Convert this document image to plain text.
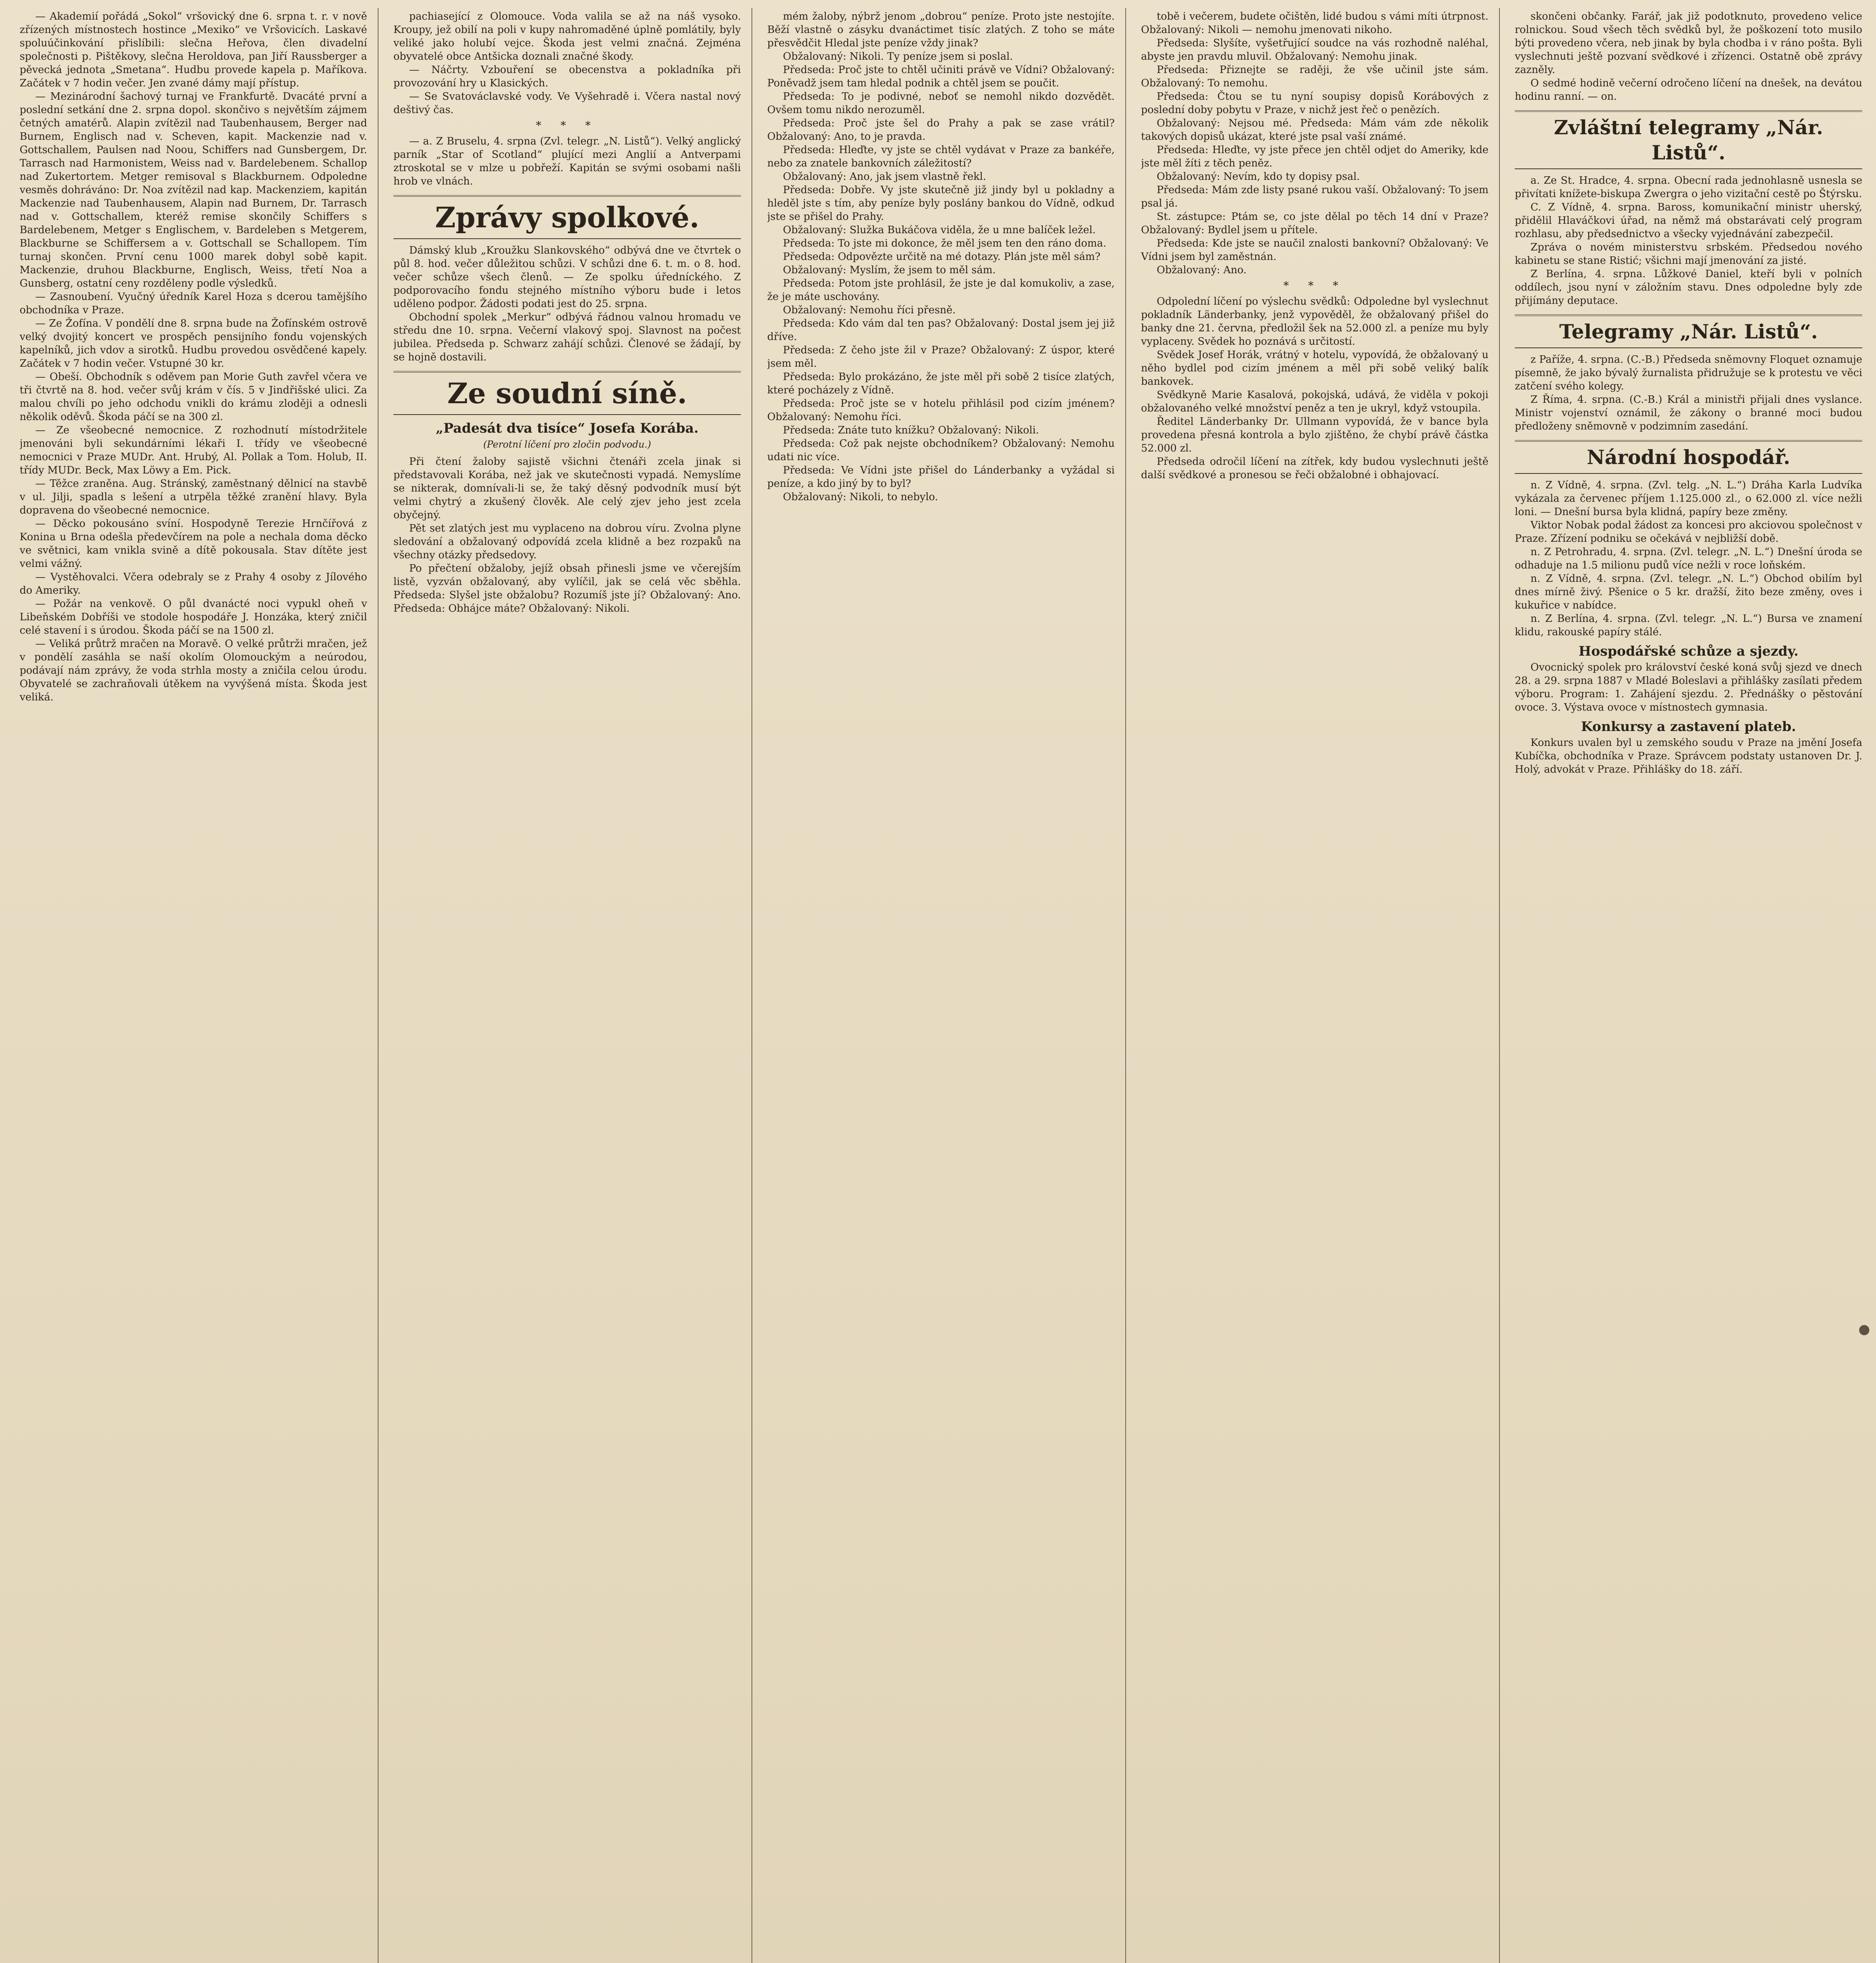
— Akademií pořádá „Sokol“ vršovický dne 6. srpna t. r. v nově zřízených místnostech hostince „Mexiko“ ve Vršovicích. Laskavé spoluúčinkování přislíbili: slečna Heřova, člen divadelní společnosti p. Pištěkovy, slečna Heroldova, pan Jiří Raussberger a pěvecká jednota „Smetana“. Hudbu provede kapela p. Maříkova. Začátek v 7 hodin večer. Jen zvané dámy mají přístup.

— Mezinárodní šachový turnaj ve Frankfurtě. Dvacáté první a poslední setkání dne 2. srpna dopol. skončivo s největším zájmem četných amatérů. Alapin zvítězil nad Taubenhausem, Berger nad Burnem, Englisch nad v. Scheven, kapit. Mackenzie nad v. Gottschallem, Paulsen nad Noou, Schiffers nad Gunsbergem, Dr. Tarrasch nad Harmonistem, Weiss nad v. Bardelebenem. Schallop nad Zukertortem. Metger remisoval s Blackburnem. Odpoledne vesměs dohráváno: Dr. Noa zvítězil nad kap. Mackenziem, kapitán Mackenzie nad Taubenhausem, Alapin nad Burnem, Dr. Tarrasch nad v. Gottschallem, kteréž remise skončily Schiffers s Bardelebenem, Metger s Englischem, v. Bardeleben s Metgerem, Blackburne se Schiffersem a v. Gottschall se Schallopem. Tím turnaj skončen. První cenu 1000 marek dobyl sobě kapit. Mackenzie, druhou Blackburne, Englisch, Weiss, třetí Noa a Gunsberg, ostatní ceny rozděleny podle výsledků.

— Zasnoubení. Vyučný úředník Karel Hoza s dcerou tamějšího obchodníka v Praze.

— Ze Žofína. V pondělí dne 8. srpna bude na Žofínském ostrově velký dvojitý koncert ve prospěch pensijního fondu vojenských kapelníků, jich vdov a sirotků. Hudbu provedou osvědčené kapely. Začátek v 7 hodin večer. Vstupné 30 kr.

— Obeší. Obchodník s oděvem pan Morie Guth zavřel včera ve tři čtvrtě na 8. hod. večer svůj krám v čís. 5 v Jindřišské ulici. Za malou chvíli po jeho odchodu vnikli do krámu zloději a odnesli několik oděvů. Škoda páčí se na 300 zl.

— Ze všeobecné nemocnice. Z rozhodnutí místodržitele jmenováni byli sekundárními lékaři I. třídy ve všeobecné nemocnici v Praze MUDr. Ant. Hrubý, Al. Pollak a Tom. Holub, II. třídy MUDr. Beck, Max Löwy a Em. Pick.

— Těžce zraněna. Aug. Stránský, zaměstnaný dělnicí na stavbě v ul. Jilji, spadla s lešení a utrpěla těžké zranění hlavy. Byla dopravena do všeobecné nemocnice.

— Děcko pokousáno svíní. Hospodyně Terezie Hrnčířová z Konina u Brna odešla předevčírem na pole a nechala doma děcko ve světnici, kam vnikla svině a dítě pokousala. Stav dítěte jest velmi vážný.

— Vystěhovalci. Včera odebraly se z Prahy 4 osoby z Jílového do Ameriky.

— Požár na venkově. O půl dvanácté noci vypukl oheň v Libeňském Dobříši ve stodole hospodáře J. Honzáka, který zničil celé stavení i s úrodou. Škoda páčí se na 1500 zl.

— Veliká průtrž mračen na Moravě. O velké průtrži mračen, jež v pondělí zasáhla se naší okolím Olomouckým a neúrodou, podávají nám zprávy, že voda strhla mosty a zničila celou úrodu. Obyvatelé se zachraňovali útěkem na vyvýšená místa. Škoda jest veliká.

pachiasející z Olomouce. Voda valila se až na náš vysoko. Kroupy, jež obilí na poli v kupy nahromaděné úplně pomlátily, byly veliké jako holubí vejce. Škoda jest velmi značná. Zejména obyvatelé obce Antšicka doznali značné škody.

— Náčrty. Vzbouření se obecenstva a pokladníka při provozování hry u Klasických.

— Se Svatováclavské vody. Ve Vyšehradě i. Včera nastal nový deštivý čas.

* * *

— a. Z Bruselu, 4. srpna (Zvl. telegr. „N. Listů“). Velký anglický parník „Star of Scotland“ plující mezi Anglií a Antverpami ztroskotal se v mlze u pobřeží. Kapitán se svými osobami našli hrob ve vlnách.

Zprávy spolkové.

Dámský klub „Kroužku Slankovského“ odbývá dne ve čtvrtek o půl 8. hod. večer důležitou schůzi. V schůzi dne 6. t. m. o 8. hod. večer schůze všech členů. — Ze spolku úředníckého. Z podporovacího fondu stejného místního výboru bude i letos uděleno podpor. Žádosti podati jest do 25. srpna.

Obchodní spolek „Merkur“ odbývá řádnou valnou hromadu ve středu dne 10. srpna. Večerní vlakový spoj. Slavnost na počest jubilea. Předseda p. Schwarz zahájí schůzi. Členové se žádají, by se hojně dostavili.

Ze soudní síně.
„Padesát dva tisíce“ Josefa Korába.
(Perotní líčení pro zločin podvodu.)

Při čtení žaloby sajistě všichni čtenáři zcela jinak si představovali Korába, než jak ve skutečnosti vypadá. Nemyslíme se nikterak, domnívali-li se, že taký děsný podvodník musí být velmi chytrý a zkušený člověk. Ale celý zjev jeho jest zcela obyčejný.

Pět set zlatých jest mu vyplaceno na dobrou víru. Zvolna plyne sledování a obžalovaný odpovídá zcela klidně a bez rozpaků na všechny otázky předsedovy.

Po přečtení obžaloby, jejíž obsah přinesli jsme ve včerejším listě, vyzván obžalovaný, aby vylíčil, jak se celá věc sběhla. Předseda: Slyšel jste obžalobu? Rozumíš jste jí? Obžalovaný: Ano. Předseda: Obhájce máte? Obžalovaný: Nikoli.

mém žaloby, nýbrž jenom „dobrou“ peníze. Proto jste nestojíte. Běží vlastně o zásyku dvanáctimet tisíc zlatých. Z toho se máte přesvědčit Hledal jste peníze vždy jinak?

Obžalovaný: Nikoli. Ty peníze jsem si poslal.

Předseda: Proč jste to chtěl učiniti právě ve Vídni? Obžalovaný: Poněvadž jsem tam hledal podnik a chtěl jsem se poučit.

Předseda: To je podivné, neboť se nemohl nikdo dozvědět. Ovšem tomu nikdo nerozuměl.

Předseda: Proč jste šel do Prahy a pak se zase vrátil? Obžalovaný: Ano, to je pravda.

Předseda: Hleďte, vy jste se chtěl vydávat v Praze za bankéře, nebo za znatele bankovních záležitostí?

Obžalovaný: Ano, jak jsem vlastně řekl.

Předseda: Dobře. Vy jste skutečně již jindy byl u pokladny a hleděl jste s tím, aby peníze byly poslány bankou do Vídně, odkud jste se přišel do Prahy.

Obžalovaný: Služka Bukáčova viděla, že u mne balíček ležel.

Předseda: To jste mi dokonce, že měl jsem ten den ráno doma.

Předseda: Odpovězte určitě na mé dotazy. Plán jste měl sám?

Obžalovaný: Myslím, že jsem to měl sám.

Předseda: Potom jste prohlásil, že jste je dal komukoliv, a zase, že je máte uschovány.

Obžalovaný: Nemohu říci přesně.

Předseda: Kdo vám dal ten pas? Obžalovaný: Dostal jsem jej již dříve.

Předseda: Z čeho jste žil v Praze? Obžalovaný: Z úspor, které jsem měl.

Předseda: Bylo prokázáno, že jste měl při sobě 2 tisíce zlatých, které pocházely z Vídně.

Předseda: Proč jste se v hotelu přihlásil pod cizím jménem? Obžalovaný: Nemohu říci.

Předseda: Znáte tuto knížku? Obžalovaný: Nikoli.

Předseda: Což pak nejste obchodníkem? Obžalovaný: Nemohu udati nic více.

Předseda: Ve Vídni jste přišel do Lánderbanky a vyžádal si peníze, a kdo jiný by to byl?

Obžalovaný: Nikoli, to nebylo.

tobě i večerem, budete očištěn, lidé budou s vámi míti útrpnost. Obžalovaný: Nikoli — nemohu jmenovati nikoho.

Předseda: Slyšíte, vyšetřující soudce na vás rozhodně naléhal, abyste jen pravdu mluvil. Obžalovaný: Nemohu jinak.

Předseda: Přiznejte se raději, že vše učinil jste sám. Obžalovaný: To nemohu.

Předseda: Čtou se tu nyní soupisy dopisů Korábových z poslední doby pobytu v Praze, v nichž jest řeč o penězích.

Obžalovaný: Nejsou mé. Předseda: Mám vám zde několik takových dopisů ukázat, které jste psal vaší známé.

Předseda: Hleďte, vy jste přece jen chtěl odjet do Ameriky, kde jste měl žíti z těch peněz.

Obžalovaný: Nevím, kdo ty dopisy psal.

Předseda: Mám zde listy psané rukou vaší. Obžalovaný: To jsem psal já.

St. zástupce: Ptám se, co jste dělal po těch 14 dní v Praze? Obžalovaný: Bydlel jsem u přítele.

Předseda: Kde jste se naučil znalosti bankovní? Obžalovaný: Ve Vídni jsem byl zaměstnán.

Obžalovaný: Ano.

* * *

Odpolední líčení po výslechu svědků: Odpoledne byl vyslechnut pokladník Länderbanky, jenž vypověděl, že obžalovaný přišel do banky dne 21. června, předložil šek na 52.000 zl. a peníze mu byly vyplaceny. Svědek ho poznává s určitostí.

Svědek Josef Horák, vrátný v hotelu, vypovídá, že obžalovaný u něho bydlel pod cizím jménem a měl při sobě veliký balík bankovek.

Svědkyně Marie Kasalová, pokojská, udává, že viděla v pokoji obžalovaného velké množství peněz a ten je ukryl, když vstoupila.

Ředitel Länderbanky Dr. Ullmann vypovídá, že v bance byla provedena přesná kontrola a bylo zjištěno, že chybí právě částka 52.000 zl.

Předseda odročil líčení na zítřek, kdy budou vyslechnuti ještě další svědkové a pronesou se řeči obžalobné i obhajovací.

skončeni občanky. Farář, jak již podotknuto, provedeno velice rolnickou. Soud všech těch svědků byl, že poškození toto musilo býti provedeno včera, neb jinak by byla chodba i v ráno pošta. Byli vyslechnuti ještě pozvaní svědkové i zřízenci. Ostatně obě zprávy zazněly.

O sedmé hodině večerní odročeno líčení na dnešek, na devátou hodinu ranní. — on.

Zvláštní telegramy „Nár. Listů“.

a. Ze St. Hradce, 4. srpna. Obecní rada jednohlasně usnesla se přivítati knížete-biskupa Zwergra o jeho vizitační cestě po Štýrsku.

C. Z Vídně, 4. srpna. Baross, komunikační ministr uherský, přidělil Hlaváčkovi úřad, na němž má obstarávati celý program rozhlasu, aby předsednictvo a všecky vyjednávání zabezpečil.

Zpráva o novém ministerstvu srbském. Předsedou nového kabinetu se stane Ristić; všichni mají jmenování za jisté.

Z Berlína, 4. srpna. Lůžkové Daniel, kteří byli v polních oddílech, jsou nyní v záložním stavu. Dnes odpoledne byly zde přijímány deputace.

Telegramy „Nár. Listů“.

z Paříže, 4. srpna. (C.-B.) Předseda sněmovny Floquet oznamuje písemně, že jako bývalý žurnalista přidružuje se k protestu ve věci zatčení svého kolegy.

Z Říma, 4. srpna. (C.-B.) Král a ministři přijali dnes vyslance. Ministr vojenství oznámil, že zákony o branné moci budou předloženy sněmovně v podzimním zasedání.

Národní hospodář.

n. Z Vídně, 4. srpna. (Zvl. telg. „N. L.“) Dráha Karla Ludvíka vykázala za červenec příjem 1.125.000 zl., o 62.000 zl. více nežli loni. — Dnešní bursa byla klidná, papíry beze změny.

Viktor Nobak podal žádost za koncesi pro akciovou společnost v Praze. Zřízení podniku se očekává v nejbližší době.

n. Z Petrohradu, 4. srpna. (Zvl. telegr. „N. L.“) Dnešní úroda se odhaduje na 1.5 milionu pudů více nežli v roce loňském.

n. Z Vídně, 4. srpna. (Zvl. telegr. „N. L.“) Obchod obilím byl dnes mírně živý. Pšenice o 5 kr. dražší, žito beze změny, oves i kukuřice v nabídce.

n. Z Berlína, 4. srpna. (Zvl. telegr. „N. L.“) Bursa ve znamení klidu, rakouské papíry stálé.

Hospodářské schůze a sjezdy.

Ovocnický spolek pro království české koná svůj sjezd ve dnech 28. a 29. srpna 1887 v Mladé Boleslavi a přihlášky zasílati předem výboru. Program: 1. Zahájení sjezdu. 2. Přednášky o pěstování ovoce. 3. Výstava ovoce v místnostech gymnasia.

Konkursy a zastavení plateb.

Konkurs uvalen byl u zemského soudu v Praze na jmění Josefa Kubíčka, obchodníka v Praze. Správcem podstaty ustanoven Dr. J. Holý, advokát v Praze. Přihlášky do 18. září.
